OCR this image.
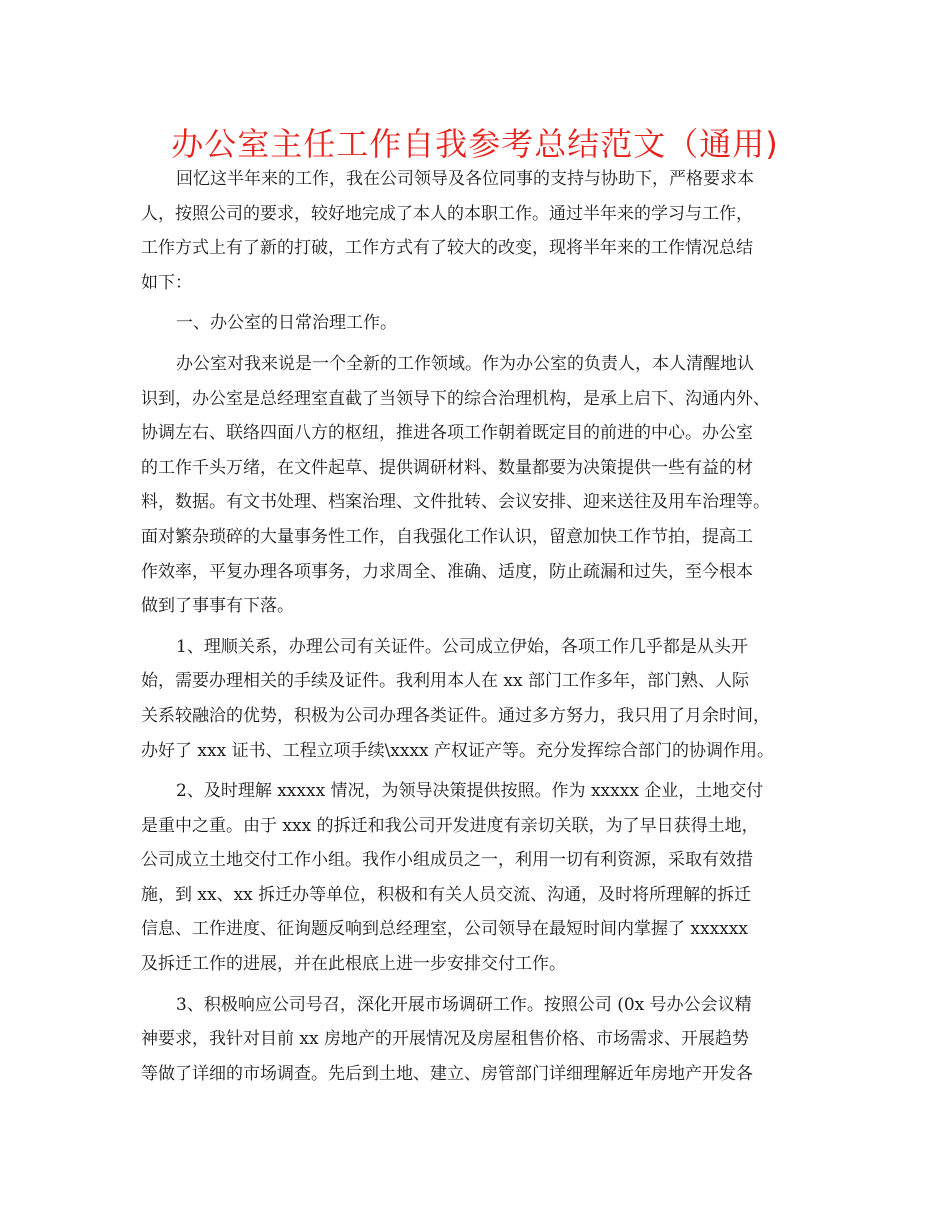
办公室主任工作自我参考总结范文（通用)
回忆这半年来的工作，我在公司领导及各位同事的支持与协助下，严格要求本
人，按照公司的要求，较好地完成了本人的本职工作。通过半年来的学习与工作，
工作方式上有了新的打破，工作方式有了较大的改变，现将半年来的工作情况总结
如下：
一、办公室的日常治理工作。
办公室对我来说是一个全新的工作领域。作为办公室的负责人，本人清醒地认
识到，办公室是总经理室直截了当领导下的综合治理机构，是承上启下、沟通内外、
协调左右、联络四面八方的枢纽，推进各项工作朝着既定目的前进的中心。办公室
的工作千头万绪，在文件起草、提供调研材料、数量都要为决策提供一些有益的材
料，数据。有文书处理、档案治理、文件批转、会议安排、迎来送往及用车治理等。
面对繁杂琐碎的大量事务性工作，自我强化工作认识，留意加快工作节拍，提高工
作效率，平复办理各项事务，力求周全、准确、适度，防止疏漏和过失，至今根本
做到了事事有下落。
1、理顺关系，办理公司有关证件。公司成立伊始，各项工作几乎都是从头开
始，需要办理相关的手续及证件。我利用本人在 xx 部门工作多年，部门熟、人际
关系较融洽的优势，积极为公司办理各类证件。通过多方努力，我只用了月余时间，
办好了 xxx 证书、工程立项手续\xxxx 产权证产等。充分发挥综合部门的协调作用。
2、及时理解 xxxxx 情况，为领导决策提供按照。作为 xxxxx 企业，土地交付
是重中之重。由于 xxx 的拆迁和我公司开发进度有亲切关联，为了早日获得土地，
公司成立土地交付工作小组。我作小组成员之一，利用一切有利资源，采取有效措
施，到 xx、xx 拆迁办等单位，积极和有关人员交流、沟通，及时将所理解的拆迁
信息、工作进度、征询题反响到总经理室，公司领导在最短时间内掌握了 xxxxxx
及拆迁工作的进展，并在此根底上进一步安排交付工作。
3、积极响应公司号召，深化开展市场调研工作。按照公司 (0x 号办公会议精
神要求，我针对目前 xx 房地产的开展情况及房屋租售价格、市场需求、开展趋势
等做了详细的市场调查。先后到土地、建立、房管部门详细理解近年房地产开发各
